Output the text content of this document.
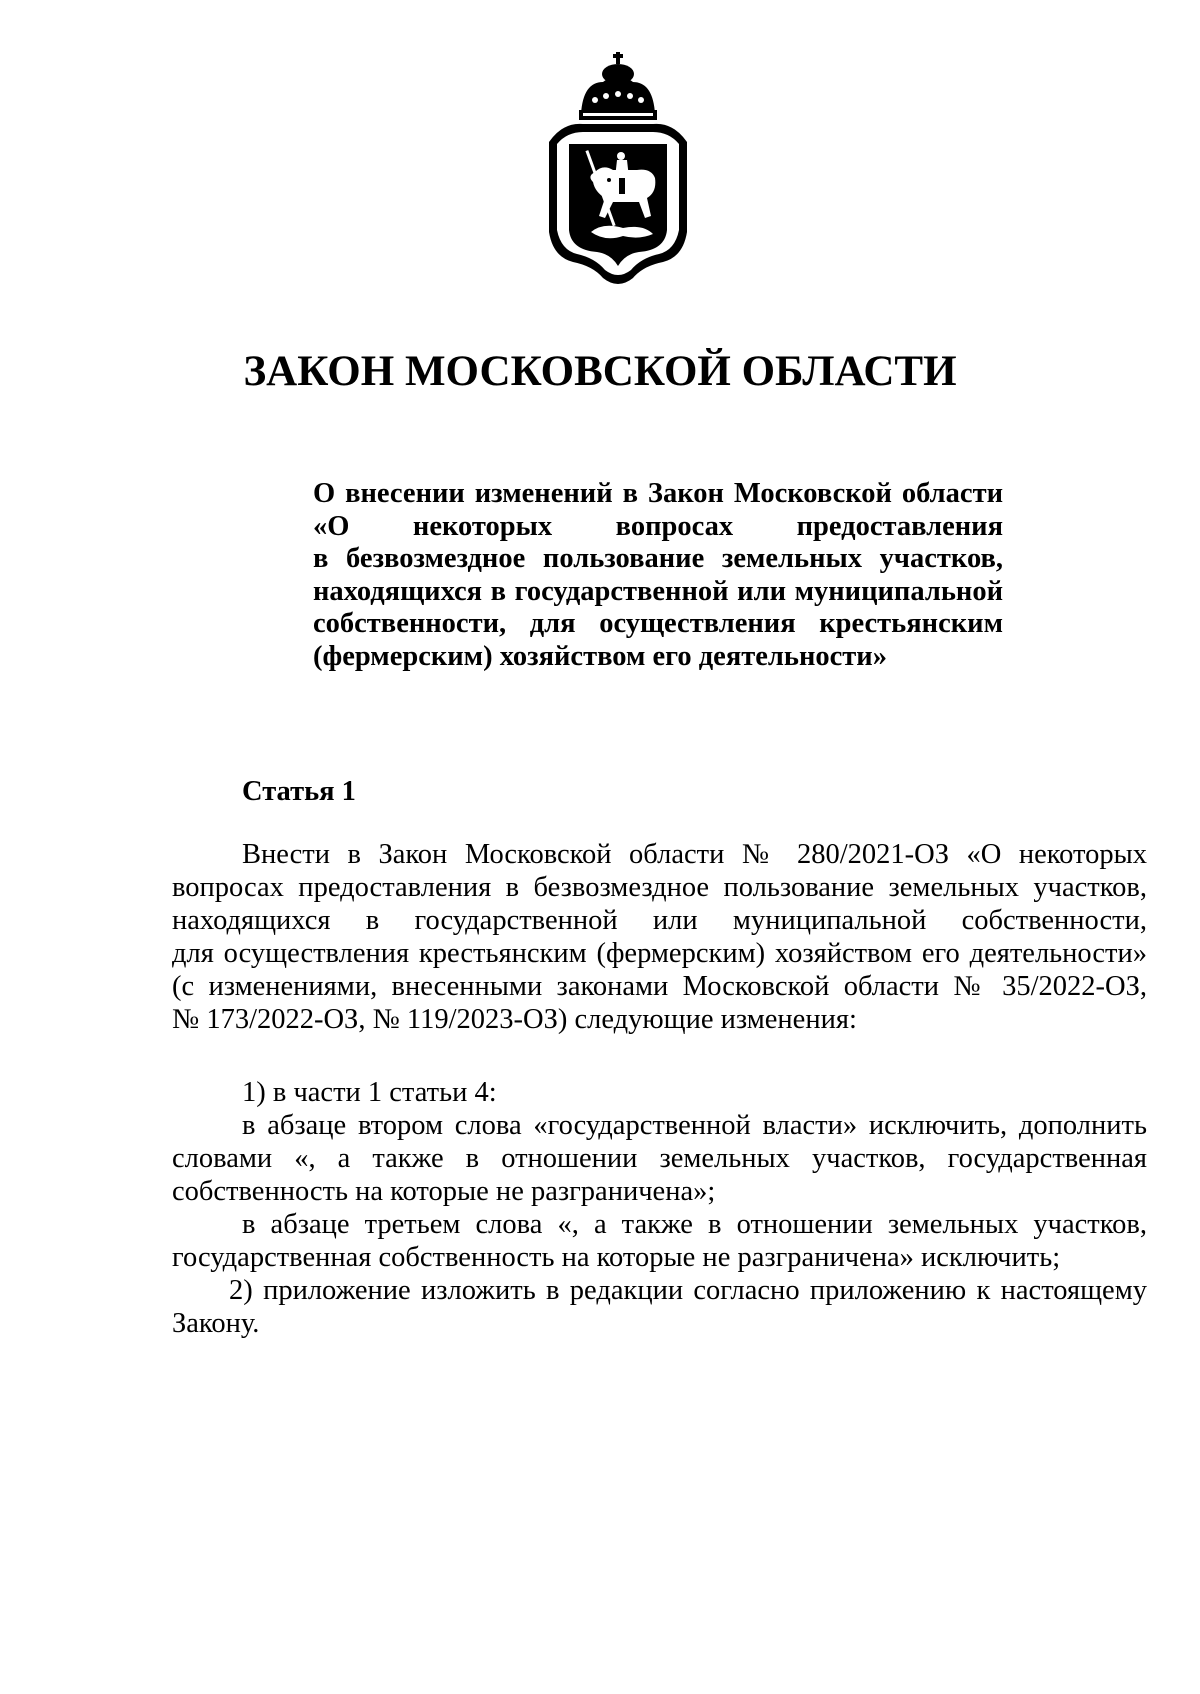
ЗАКОН МОСКОВСКОЙ ОБЛАСТИ
О внесении изменений в Закон Московской области
«О некоторых вопросах предоставления
в безвозмездное пользование земельных участков,
находящихся в государственной или муниципальной
собственности, для осуществления крестьянским
(фермерским) хозяйством его деятельности»
Статья 1
Внести в Закон Московской области № 280/2021-ОЗ «О некоторых
вопросах предоставления в безвозмездное пользование земельных участков,
находящихся в государственной или муниципальной собственности,
для осуществления крестьянским (фермерским) хозяйством его деятельности»
(с изменениями, внесенными законами Московской области № 35/2022-ОЗ,
№ 173/2022-ОЗ, № 119/2023-ОЗ) следующие изменения:
1) в части 1 статьи 4:
в абзаце втором слова «государственной власти» исключить, дополнить
словами «, а также в отношении земельных участков, государственная
собственность на которые не разграничена»;
в абзаце третьем слова «, а также в отношении земельных участков,
государственная собственность на которые не разграничена» исключить;
2) приложение изложить в редакции согласно приложению к настоящему
Закону.
